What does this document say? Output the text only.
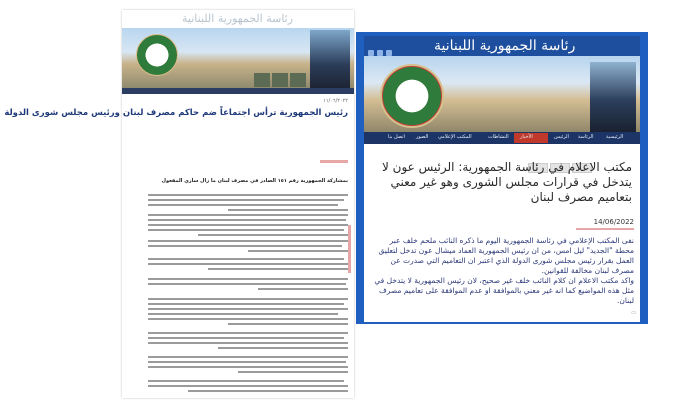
رئاسة الجمهورية اللبنانية
١١/٠٦/٢٠٢٢
رئيس الجمهورية ترأس اجتماعاً ضم حاكم مصرف لبنان ورئيس مجلس شورى الدولة
بمشاركة الجمهورية رقم ١٥١ الصادر في مصرف لبنان ما زال ساري المفعول
رئاسة الجمهورية اللبنانية
الرئيسية
الرئاسة
الرئيس
الأخبار
النشاطات
المكتب الإعلامي
الصور
اتصل بنا
مكتب الاعلام في رئاسة الجمهورية: الرئيس عون لا يتدخل في قرارات مجلس الشورى وهو غير معني بتعاميم مصرف لبنان
14/06/2022
نفى المكتب الإعلامي في رئاسة الجمهورية اليوم ما ذكره النائب ملحم خلف عبر محطة "الجديد" ليل امس، من ان رئيس الجمهورية العماد ميشال عون تدخل لتعليق العمل بقرار رئيس مجلس شورى الدولة الذي اعتبر ان التعاميم التي صدرت عن مصرف لبنان مخالفة للقوانين.
واكد مكتب الاعلام ان كلام النائب خلف غير صحيح، لان رئيس الجمهورية لا يتدخل في مثل هذه المواضيع كما انه غير معني بالموافقة او عدم الموافقة على تعاميم مصرف لبنان.
▭
